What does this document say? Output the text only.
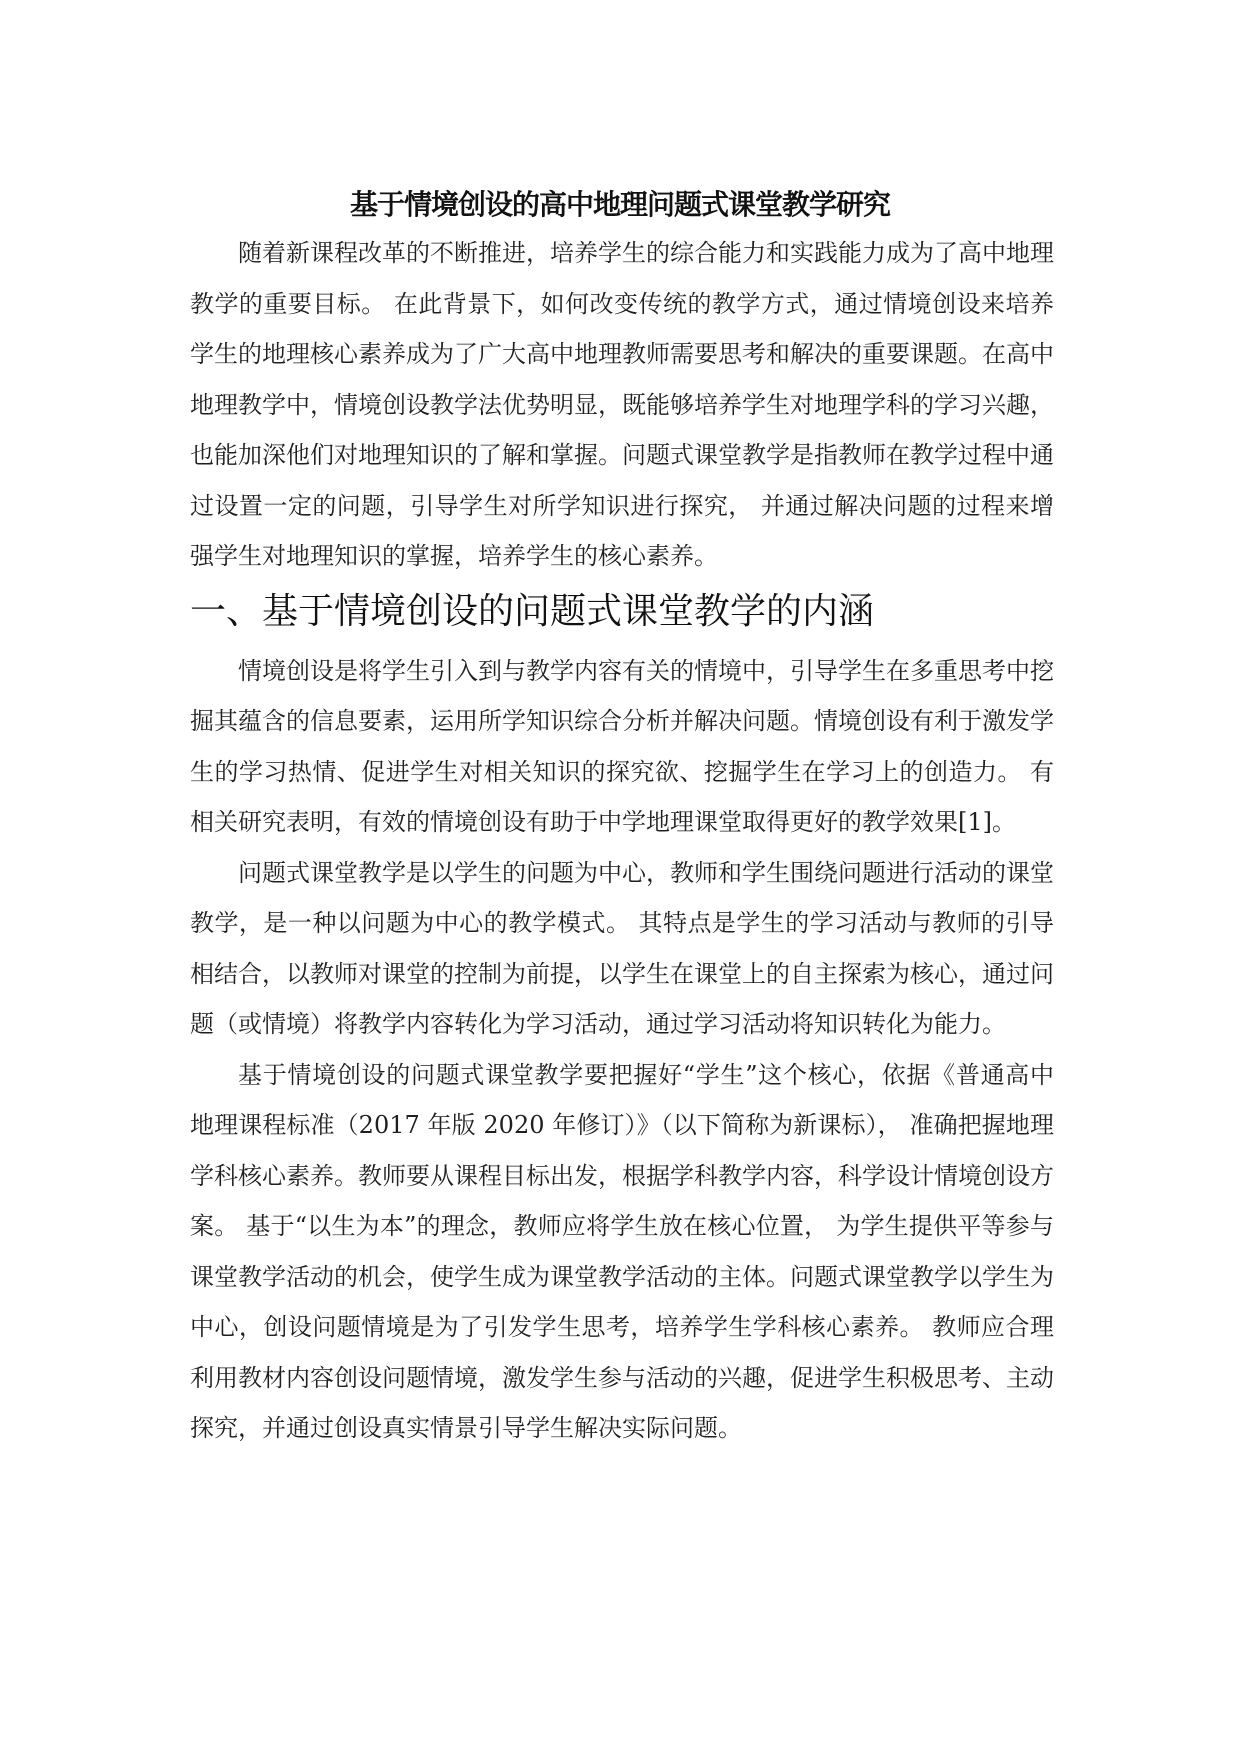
基于情境创设的高中地理问题式课堂教学研究

随着新课程改革的不断推进，培养学生的综合能力和实践能力成为了高中地理教学的重要目标。 在此背景下，如何改变传统的教学方式，通过情境创设来培养学生的地理核心素养成为了广大高中地理教师需要思考和解决的重要课题。在高中地理教学中，情境创设教学法优势明显，既能够培养学生对地理学科的学习兴趣，也能加深他们对地理知识的了解和掌握。问题式课堂教学是指教师在教学过程中通过设置一定的问题，引导学生对所学知识进行探究， 并通过解决问题的过程来增强学生对地理知识的掌握，培养学生的核心素养。

一、基于情境创设的问题式课堂教学的内涵

情境创设是将学生引入到与教学内容有关的情境中，引导学生在多重思考中挖掘其蕴含的信息要素，运用所学知识综合分析并解决问题。情境创设有利于激发学生的学习热情、促进学生对相关知识的探究欲、挖掘学生在学习上的创造力。 有相关研究表明，有效的情境创设有助于中学地理课堂取得更好的教学效果[1]。

问题式课堂教学是以学生的问题为中心，教师和学生围绕问题进行活动的课堂教学，是一种以问题为中心的教学模式。 其特点是学生的学习活动与教师的引导相结合，以教师对课堂的控制为前提，以学生在课堂上的自主探索为核心，通过问题（或情境）将教学内容转化为学习活动，通过学习活动将知识转化为能力。

基于情境创设的问题式课堂教学要把握好“学生”这个核心，依据《普通高中地理课程标准（2017 年版 2020 年修订）》（以下简称为新课标）， 准确把握地理学科核心素养。教师要从课程目标出发，根据学科教学内容，科学设计情境创设方案。 基于“以生为本”的理念，教师应将学生放在核心位置， 为学生提供平等参与课堂教学活动的机会，使学生成为课堂教学活动的主体。问题式课堂教学以学生为中心，创设问题情境是为了引发学生思考，培养学生学科核心素养。 教师应合理利用教材内容创设问题情境，激发学生参与活动的兴趣，促进学生积极思考、主动探究，并通过创设真实情景引导学生解决实际问题。
